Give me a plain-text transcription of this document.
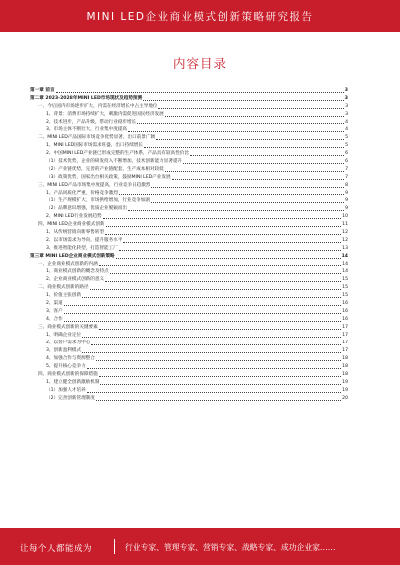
MINI LED企业商业模式创新策略研究报告
内容目录
第一章 前言	3
第二章 2023-2028年MINI LED市场现状及趋势预测	3
一、今后国内市场逐步扩大，内需在经济增长中占主导地位	3
1、背景：消费市场持续扩大，刺激内需促进国民经济发展	3
2、技术进步，产品升级，带动行业稳步增长	4
3、市场主体不断壮大，行业集中度提高	4
二、MINI LED产品国际市场竞争优势显著，出口前景广阔	5
1、MINI LED国际市场需求旺盛，出口持续增长	5
2、中国MINI LED产业链已形成完整的生产体系，产品具有较高性价比	6
（1）技术优势，企业的研发投入不断增加，技术创新能力显著提升	6
（2）产业链优势，完善的产业链配套，生产成本相对较低	7
（3）政策优势，国家出台相关政策，鼓励MINI LED产业发展	7
三、MINI LED产品市场集中度提高，行业竞争日趋激烈	8
1、产品同质化严重，价格竞争激烈	9
（1）生产规模扩大，市场供给增加，行业竞争加剧	9
（2）品牌意识增强，优质企业脱颖而出	9
2、MINI LED行业发展趋势	10
四、MINI LED企业商业模式创新	11
1、从传统营销向新零售转型	12
2、以市场需求为导向，提升服务水平	12
3、推进智能化转型，打造智能工厂	13
第三章 MINI LED企业商业模式创新策略	14
一、企业商业模式创新的内涵	14
1、商业模式创新的概念及特点	14
2、企业商业模式创新的意义	15
二、商业模式创新的路径	15
1、价值主张创新	15
2、渠道	16
3、客户	16
4、合作	16
三、商业模式创新的关键要素	17
1、明确企业定位	17
2、以客户需求为中心	17
3、创新盈利模式	17
4、加强合作与资源整合	18
5、提升核心竞争力	18
四、商业模式创新的保障措施	18
1、建立健全创新激励机制	19
（1）加强人才培养	19
（2）完善创新管理制度	20
让每个人都能成为	行业专家、管理专家、营销专家、战略专家、成功企业家……
